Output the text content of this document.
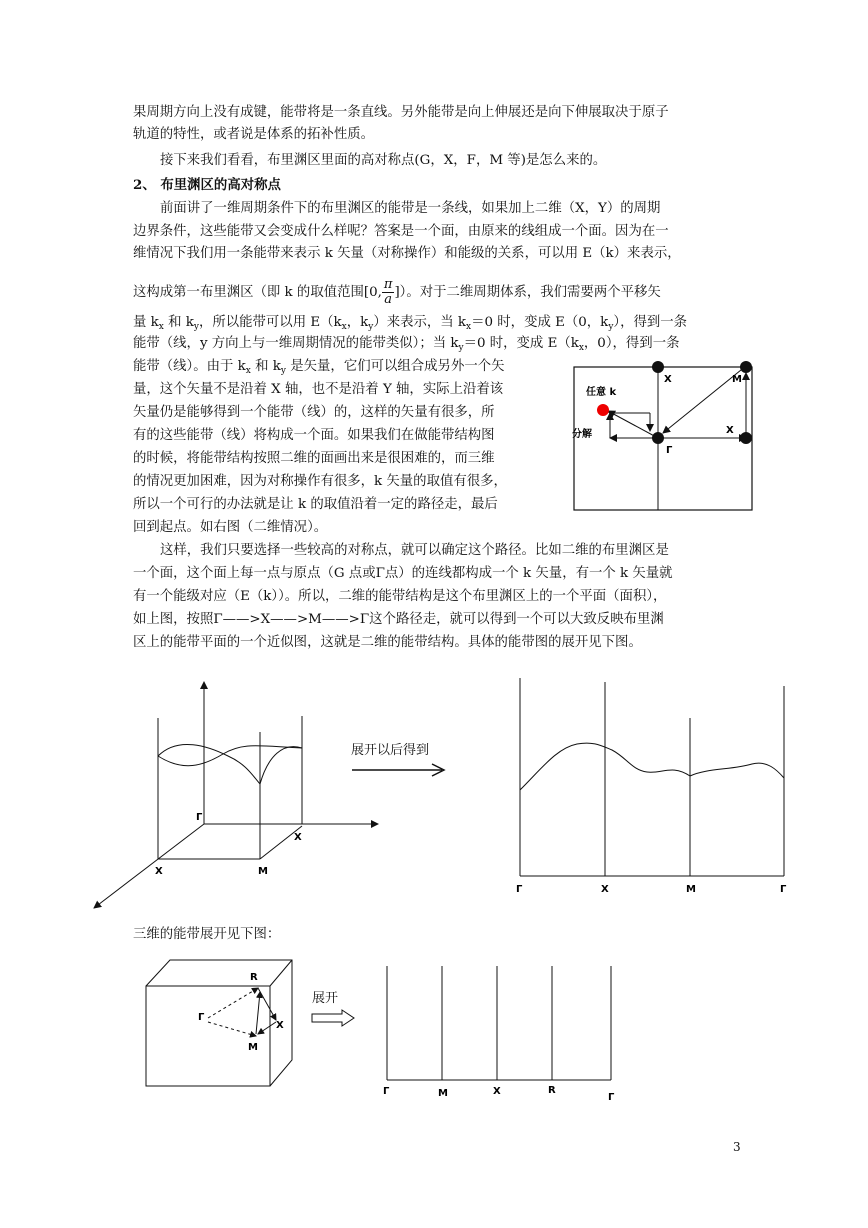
果周期方向上没有成键，能带将是一条直线。另外能带是向上伸展还是向下伸展取决于原子
轨道的特性，或者说是体系的拓补性质。
接下来我们看看，布里渊区里面的高对称点(G，X，F，M 等)是怎么来的。
2、 布里渊区的高对称点
前面讲了一维周期条件下的布里渊区的能带是一条线，如果加上二维（X，Y）的周期
边界条件，这些能带又会变成什么样呢？答案是一个面，由原来的线组成一个面。因为在一
维情况下我们用一条能带来表示 k 矢量（对称操作）和能级的关系，可以用 E（k）来表示，
这构成第一布里渊区（即 k 的取值范围[0, $\frac{\pi}{a}$ ]）。对于二维周期体系，我们需要两个平移矢
量 $k_x$ 和 $k_y$，所以能带可以用 $E(k_x$，$k_y$）来表示，当 $k_x=0$ 时，变成 E（0，$k_y$），得到一条
能带（线，y 方向上与一维周期情况的能带类似）；当 $k_y=0$ 时，变成 $E(k_x$，0），得到一条
能带（线）。由于 $k_x$ 和 $k_y$ 是矢量，它们可以组合成另外一个矢
量，这个矢量不是沿着 X 轴，也不是沿着 Y 轴，实际上沿着该
矢量仍是能够得到一个能带（线）的，这样的矢量有很多，所
有的这些能带（线）将构成一个面。如果我们在做能带结构图
的时候，将能带结构按照二维的面画出来是很困难的，而三维
的情况更加困难，因为对称操作有很多，k 矢量的取值有很多，
所以一个可行的办法就是让 k 的取值沿着一定的路径走，最后
回到起点。如右图（二维情况）。
这样，我们只要选择一些较高的对称点，就可以确定这个路径。比如二维的布里渊区是
一个面，这个面上每一点与原点（G 点或Γ点）的连线都构成一个 k 矢量，有一个 k 矢量就
有一个能级对应（E（k））。所以，二维的能带结构是这个布里渊区上的一个平面（面积），
如上图，按照Γ——>X——>M——>Γ这个路径走，就可以得到一个可以大致反映布里渊
区上的能带平面的一个近似图，这就是二维的能带结构。具体的能带图的展开见下图。
三维的能带展开见下图：
任意 k
分解
X	M
X
Γ
Γ
X
X	M
展开以后得到
Γ	X	M	Γ
R
Γ
X
M
展开
Γ	M	X	R
Γ
3
